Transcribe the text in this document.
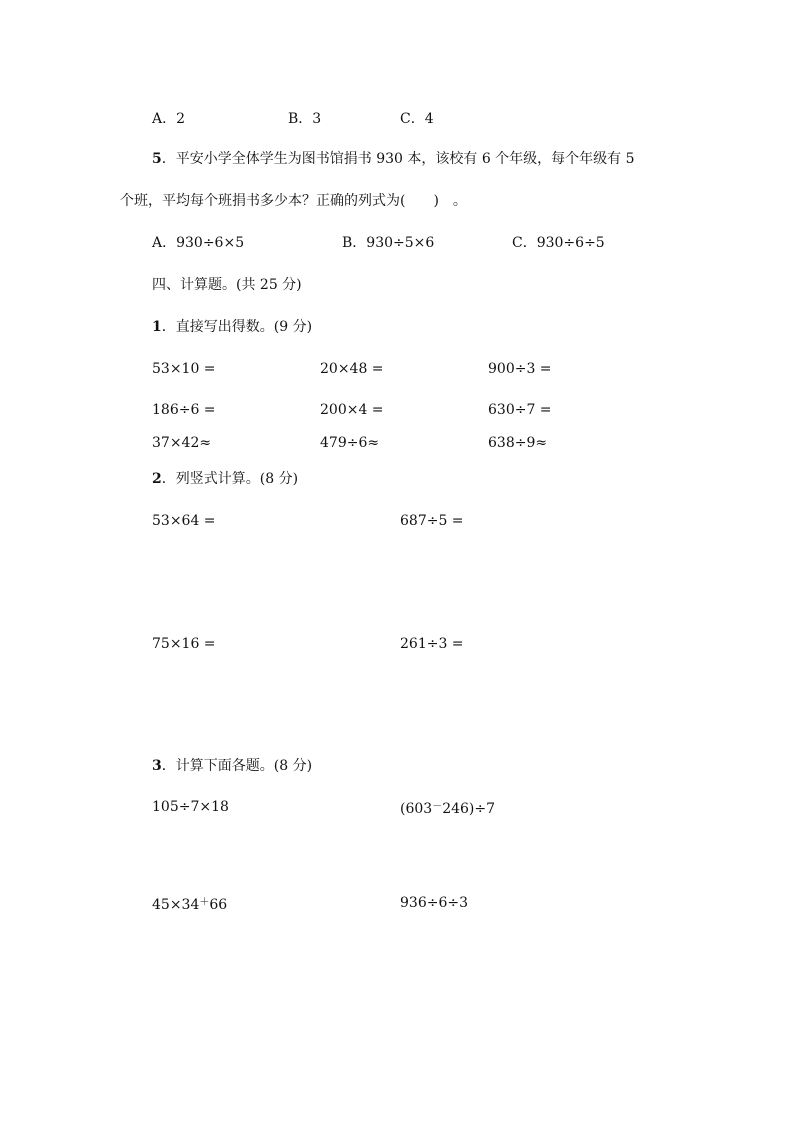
A．2	B．3	C．4
5．平安小学全体学生为图书馆捐书 930 本，该校有 6 个年级，每个年级有 5
个班，平均每个班捐书多少本？正确的列式为(　　)　。
A．930÷6×5	B．930÷5×6	C．930÷6÷5
四、计算题。(共 25 分)
1．直接写出得数。(9 分)
53×10 =	20×48 =	900÷3 =
186÷6 =	200×4 =	630÷7 =
37×42≈	479÷6≈	638÷9≈
2．列竖式计算。(8 分)
53×64 =	687÷5 =
75×16 =	261÷3 =
3．计算下面各题。(8 分)
105÷7×18	(603－246)÷7
45×34＋66	936÷6÷3
